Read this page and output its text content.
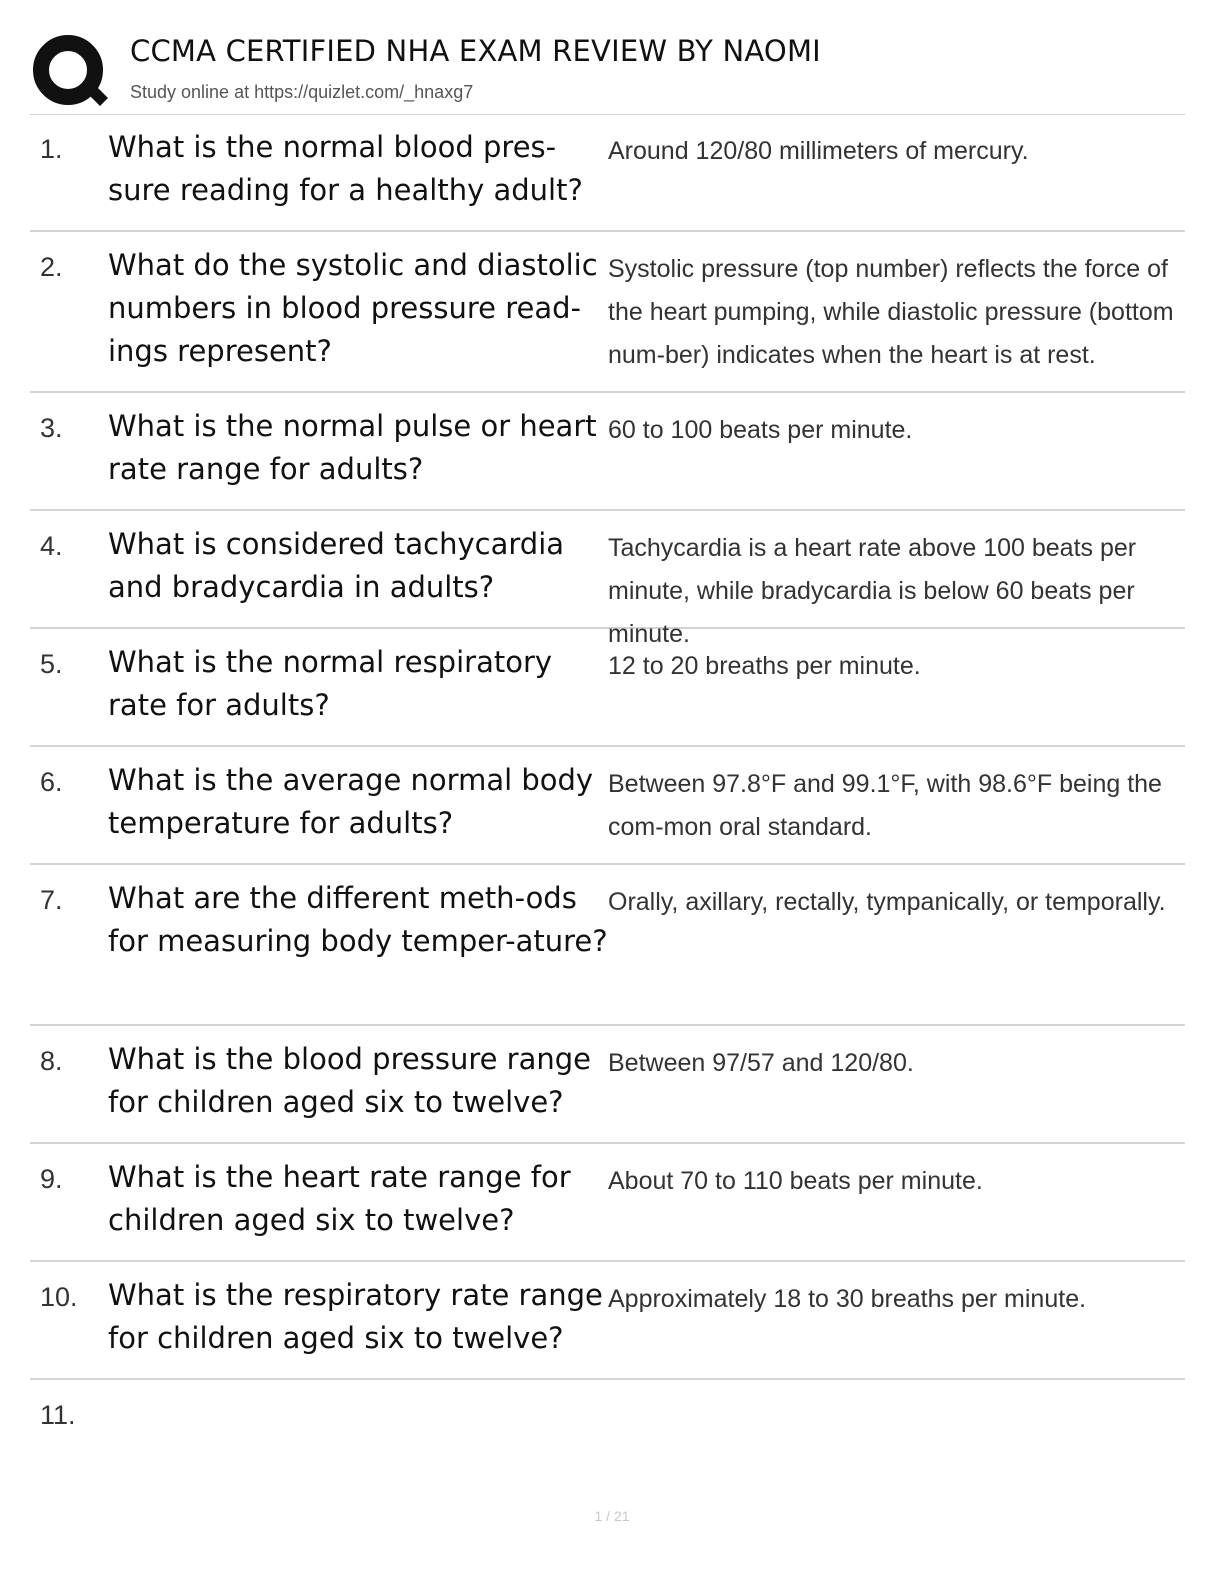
CCMA CERTIFIED NHA EXAM REVIEW BY NAOMI
Study online at https://quizlet.com/_hnaxg7
1. What is the normal blood pres-sure reading for a healthy adult?
Around 120/80 millimeters of mercury.
2. What do the systolic and diastolic numbers in blood pressure read-ings represent?
Systolic pressure (top number) reflects the force of the heart pumping, while diastolic pressure (bottom num-ber) indicates when the heart is at rest.
3. What is the normal pulse or heart rate range for adults?
60 to 100 beats per minute.
4. What is considered tachycardia and bradycardia in adults?
Tachycardia is a heart rate above 100 beats per minute, while bradycardia is below 60 beats per minute.
5. What is the normal respiratory rate for adults?
12 to 20 breaths per minute.
6. What is the average normal body temperature for adults?
Between 97.8°F and 99.1°F, with 98.6°F being the com-mon oral standard.
7. What are the different meth-ods for measuring body temper-ature?
Orally, axillary, rectally, tympanically, or temporally.
8. What is the blood pressure range for children aged six to twelve?
Between 97/57 and 120/80.
9. What is the heart rate range for children aged six to twelve?
About 70 to 110 beats per minute.
10. What is the respiratory rate range for children aged six to twelve?
Approximately 18 to 30 breaths per minute.
11.
1 / 21
